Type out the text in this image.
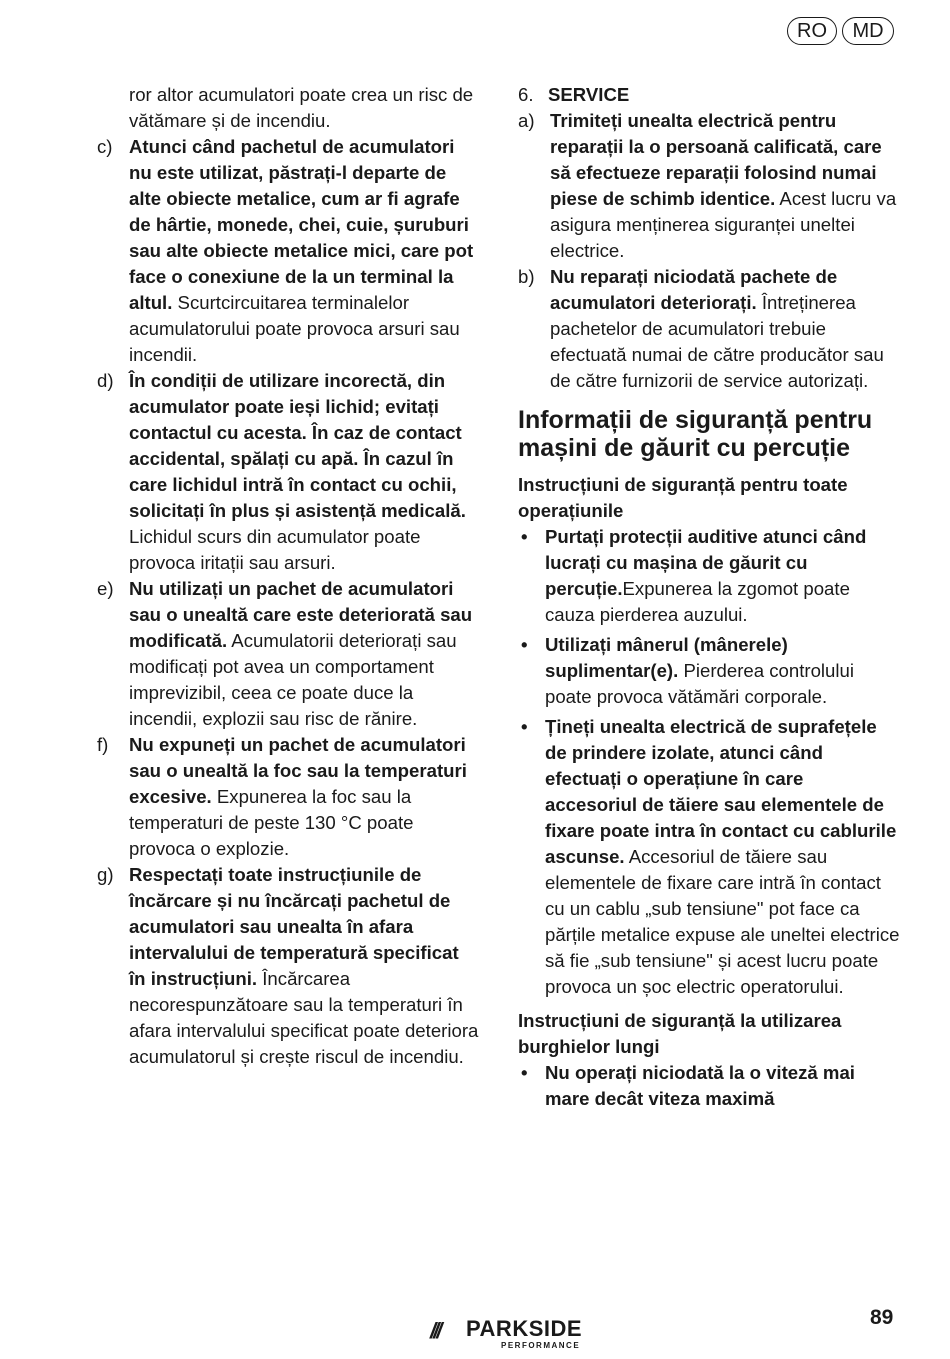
RO	MD
ror altor acumulatori poate crea un risc de vătămare și de incendiu.
c) Atunci când pachetul de acumulatori nu este utilizat, păstrați-l departe de alte obiecte metalice, cum ar fi agrafe de hârtie, monede, chei, cuie, șuruburi sau alte obiecte metalice mici, care pot face o conexiune de la un terminal la altul. Scurtcircuitarea terminalelor acumulatorului poate provoca arsuri sau incendii.
d) În condiții de utilizare incorectă, din acumulator poate ieși lichid; evitați contactul cu acesta. În caz de contact accidental, spălați cu apă. În cazul în care lichidul intră în contact cu ochii, solicitați în plus și asistență medicală. Lichidul scurs din acumulator poate provoca iritații sau arsuri.
e) Nu utilizați un pachet de acumulatori sau o unealtă care este deteriorată sau modificată. Acumulatorii deteriorați sau modificați pot avea un comportament imprevizibil, ceea ce poate duce la incendii, explozii sau risc de rănire.
f) Nu expuneți un pachet de acumulatori sau o unealtă la foc sau la temperaturi excesive. Expunerea la foc sau la temperaturi de peste 130 °C poate provoca o explozie.
g) Respectați toate instrucțiunile de încărcare și nu încărcați pachetul de acumulatori sau unealta în afara intervalului de temperatură specificat în instrucțiuni. Încărcarea necorespunzătoare sau la temperaturi în afara intervalului specificat poate deteriora acumulatorul și crește riscul de incendiu.
6. SERVICE
a) Trimiteți unealta electrică pentru reparații la o persoană calificată, care să efectueze reparații folosind numai piese de schimb identice. Acest lucru va asigura menținerea siguranței uneltei electrice.
b) Nu reparați niciodată pachete de acumulatori deteriorați. Întreținerea pachetelor de acumulatori trebuie efectuată numai de către producător sau de către furnizorii de service autorizați.
Informații de siguranță pentru mașini de găurit cu percuție
Instrucțiuni de siguranță pentru toate operațiunile
• Purtați protecții auditive atunci când lucrați cu mașina de găurit cu percuție.Expunerea la zgomot poate cauza pierderea auzului.
• Utilizați mânerul (mânerele) suplimentar(e). Pierderea controlului poate provoca vătămări corporale.
• Țineți unealta electrică de suprafețele de prindere izolate, atunci când efectuați o operațiune în care accesoriul de tăiere sau elementele de fixare poate intra în contact cu cablurile ascunse. Accesoriul de tăiere sau elementele de fixare care intră în contact cu un cablu „sub tensiune" pot face ca părțile metalice expuse ale uneltei electrice să fie „sub tensiune" și acest lucru poate provoca un șoc electric operatorului.
Instrucțiuni de siguranță la utilizarea burghielor lungi
• Nu operați niciodată la o viteză mai mare decât viteza maximă
/// PARKSIDE
PERFORMANCE
89
